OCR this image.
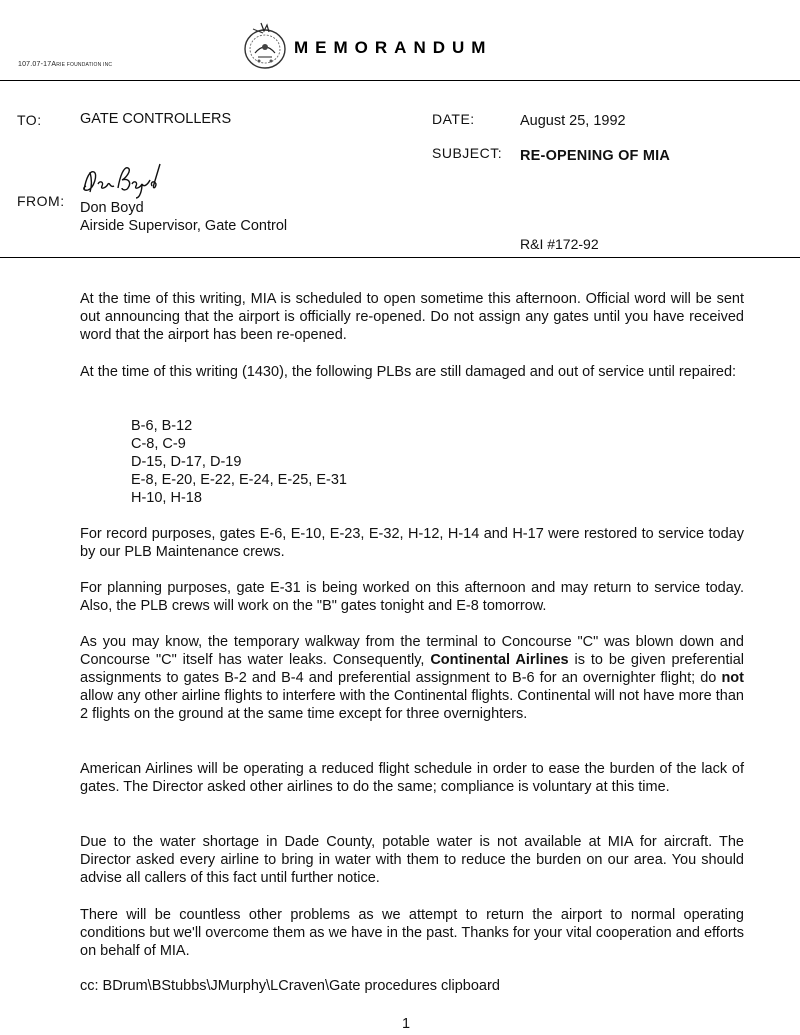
107.07-17ARIE FOUNDATION INC
MEMORANDUM
TO:	GATE CONTROLLERS	DATE:	August 25, 1992
SUBJECT: RE-OPENING OF MIA
FROM: Don Boyd
Airside Supervisor, Gate Control
R&I #172-92

At the time of this writing, MIA is scheduled to open sometime this afternoon. Official word will be sent out announcing that the airport is officially re-opened. Do not assign any gates until you have received word that the airport has been re-opened.

At the time of this writing (1430), the following PLBs are still damaged and out of service until repaired:

B-6, B-12
C-8, C-9
D-15, D-17, D-19
E-8, E-20, E-22, E-24, E-25, E-31
H-10, H-18

For record purposes, gates E-6, E-10, E-23, E-32, H-12, H-14 and H-17 were restored to service today by our PLB Maintenance crews.

For planning purposes, gate E-31 is being worked on this afternoon and may return to service today. Also, the PLB crews will work on the "B" gates tonight and E-8 tomorrow.

As you may know, the temporary walkway from the terminal to Concourse "C" was blown down and Concourse "C" itself has water leaks. Consequently, Continental Airlines is to be given preferential assignments to gates B-2 and B-4 and preferential assignment to B-6 for an overnighter flight; do not allow any other airline flights to interfere with the Continental flights. Continental will not have more than 2 flights on the ground at the same time except for three overnighters.

American Airlines will be operating a reduced flight schedule in order to ease the burden of the lack of gates. The Director asked other airlines to do the same; compliance is voluntary at this time.

Due to the water shortage in Dade County, potable water is not available at MIA for aircraft. The Director asked every airline to bring in water with them to reduce the burden on our area. You should advise all callers of this fact until further notice.

There will be countless other problems as we attempt to return the airport to normal operating conditions but we'll overcome them as we have in the past. Thanks for your vital cooperation and efforts on behalf of MIA.

cc: BDrum\BStubbs\JMurphy\LCraven\Gate procedures clipboard
1
